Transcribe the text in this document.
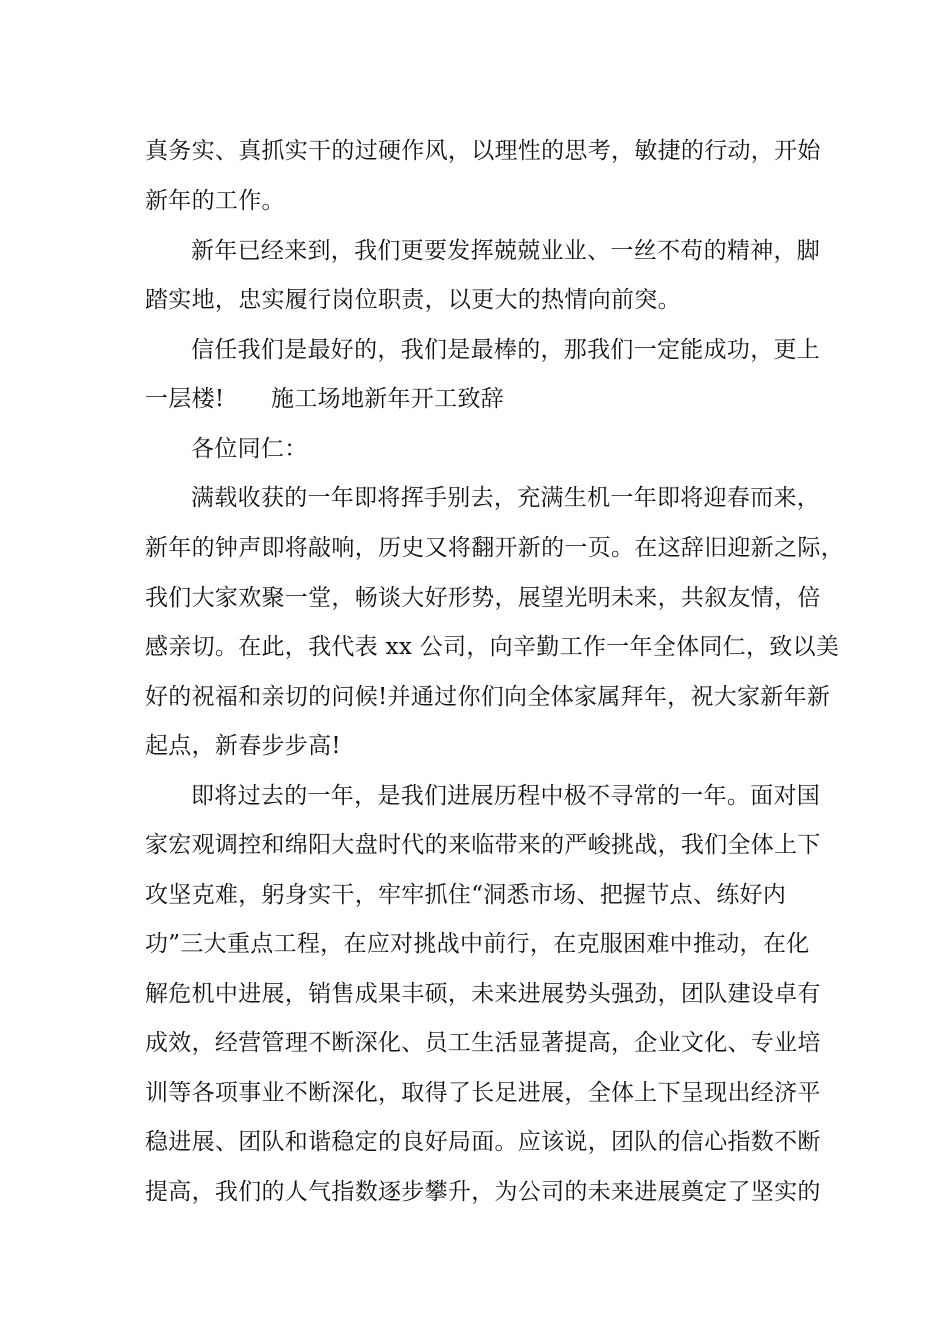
真务实、真抓实干的过硬作风，以理性的思考，敏捷的行动，开始
新年的工作。
新年已经来到，我们更要发挥兢兢业业、一丝不苟的精神，脚
踏实地，忠实履行岗位职责，以更大的热情向前突。
信任我们是最好的，我们是最棒的，那我们一定能成功，更上
一层楼!　　施工场地新年开工致辞
各位同仁：
满载收获的一年即将挥手别去，充满生机一年即将迎春而来，
新年的钟声即将敲响，历史又将翻开新的一页。在这辞旧迎新之际，
我们大家欢聚一堂，畅谈大好形势，展望光明未来，共叙友情，倍
感亲切。在此，我代表 xx 公司，向辛勤工作一年全体同仁，致以美
好的祝福和亲切的问候!并通过你们向全体家属拜年，祝大家新年新
起点，新春步步高!
即将过去的一年，是我们进展历程中极不寻常的一年。面对国
家宏观调控和绵阳大盘时代的来临带来的严峻挑战，我们全体上下
攻坚克难，躬身实干，牢牢抓住“洞悉市场、把握节点、练好内
功”三大重点工程，在应对挑战中前行，在克服困难中推动，在化
解危机中进展，销售成果丰硕，未来进展势头强劲，团队建设卓有
成效，经营管理不断深化、员工生活显著提高，企业文化、专业培
训等各项事业不断深化，取得了长足进展，全体上下呈现出经济平
稳进展、团队和谐稳定的良好局面。应该说，团队的信心指数不断
提高，我们的人气指数逐步攀升，为公司的未来进展奠定了坚实的
